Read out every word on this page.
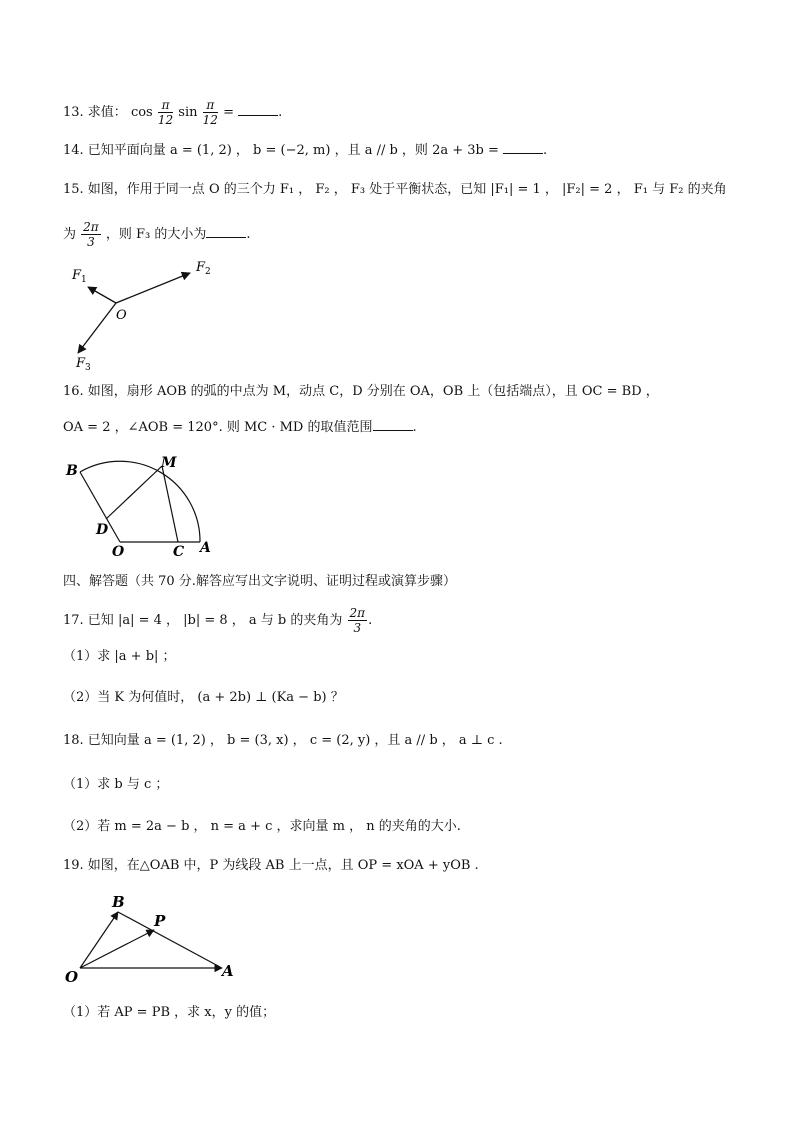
13. 求值： $\cos \frac{\pi}{12}$ $\sin \frac{\pi}{12}$ =	.
14. 已知平面向量 a = (1, 2) ， b = (−2, m) ，且 a // b ，则 2a + 3b =	.
15. 如图，作用于同一点 O 的三个力 F₁ ， F₂ ， F₃ 处于平衡状态，已知 |F₁| = 1 ， |F₂| = 2 ， F₁ 与 F₂ 的夹角
为 $\frac{2\pi}{3}$ ，则 F₃ 的大小为	.
F 1
F 2
O
F 3
16. 如图，扇形 AOB 的弧的中点为 M，动点 C，D 分别在 OA，OB 上（包括端点），且 OC = BD ，
OA = 2 ，∠AOB = 120°. 则 MC · MD 的取值范围	.
B	M
D
O	C A
四、解答题（共 70 分.解答应写出文字说明、证明过程或演算步骤）
17. 已知 |a| = 4 ， |b| = 8 ， a 与 b 的夹角为 $\frac{2\pi}{3}$ .
（1）求 |a + b| ；
（2）当 K 为何值时， (a + 2b) ⊥ (Ka − b) ？
18. 已知向量 a = (1, 2) ， b = (3, x) ， c = (2, y) ，且 a // b ， a ⊥ c .
（1）求 b 与 c ；
（2）若 m = 2a − b ， n = a + c ，求向量 m ， n 的夹角的大小.
19. 如图，在△OAB 中，P 为线段 AB 上一点，且 OP = xOA + yOB .
B
P
O	A
（1）若 AP = PB ，求 x，y 的值；
